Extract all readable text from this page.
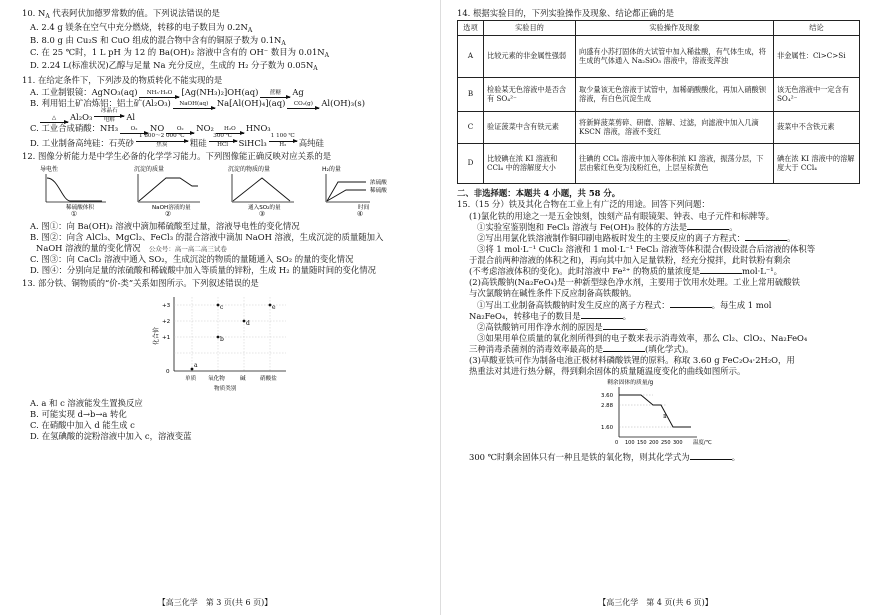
10. $N_A$ 代表阿伏加德罗常数的值。下列说法错误的是
A. 2.4 g 镁条在空气中充分燃烧，转移的电子数目为 $0.2N_A$
B. 8.0 g 由 Cu₂S 和 CuO 组成的混合物中含有的铜原子数为 $0.1N_A$
C. 在 25 ℃时，1 L pH 为 12 的 Ba(OH)₂ 溶液中含有的 OH⁻ 数目为 $0.01N_A$
D. 2.24 L(标准状况)乙醇与足量 Na 充分反应，生成的 H₂ 分子数为 $0.05N_A$
11. 在给定条件下，下列涉及的物质转化不能实现的是
A. 工业制银镜：AgNO₃(aq) NH₃·H₂O [Ag(NH₃)₂]OH(aq) 蔗糖 Ag
B. 利用铝土矿冶炼铝：铝土矿(Al₂O₃) NaOH(aq) Na[Al(OH)₄](aq) CO₂(g) Al(OH)₃(s)
△ Al₂O₃
冰晶石
电解 Al
C. 工业合成硝酸：NH₃ O₂ NO O₂ NO₂ H₂O HNO₃
D. 工业制备高纯硅：石英砂
1 800～2 000 ℃
焦炭	粗硅
300 ℃
HCl SiHCl₃
1 100 ℃
H₂ 高纯硅
12. 图像分析能力是中学生必备的化学学习能力。下列图像能正确反映对应关系的是
导电性
稀硫酸体积
①
沉淀的质量
NaOH溶液的量
②
沉淀的物质的量
通入SO₂的量
③
H₂的量
浓硫酸
稀硫酸
时间
④
A. 图①：向 Ba(OH)₂ 溶液中滴加稀硫酸至过量，溶液导电性的变化情况
B. 图②：向含 AlCl₃、MgCl₂、FeCl₃ 的混合溶液中滴加 NaOH 溶液，生成沉淀的质量随加入
NaOH 溶液的量的变化情况　 公众号：高一高二高三试卷
C. 图③：向 CaCl₂ 溶液中通入 SO₂，生成沉淀的物质的量随通入 SO₂ 的量的变化情况
D. 图④：分别向足量的浓硫酸和稀硫酸中加入等质量的锌粉，生成 H₂ 的量随时间的变化情况
13. 部分铁、铜物质的“价-类”关系如图所示。下列叙述错误的是
化合价
+3
+2
+1
0
a
b
c
d
e
单质 氧化物	碱	硝酸盐
物质类别
A. a 和 c 溶液能发生置换反应
B. 可能实现 d→b→a 转化
C. 在硝酸中加入 d 能生成 c
D. 在氢碘酸的淀粉溶液中加入 c，溶液变蓝
【高三化学　第 3 页(共 6 页)】
14. 根据实验目的，下列实验操作及现象、结论都正确的是
选项	实验目的	实验操作及现象	结论
A	比较元素的非金属性强弱	向盛有小苏打固体的大试管中加入稀盐酸，有气体生成，将生成的气体通入 Na₂SiO₃ 溶液中，溶液变浑浊	非金属性：Cl>C>Si
B	检验某无色溶液中是否含有 SO₄²⁻	取少量该无色溶液于试管中，加稀硝酸酸化，再加入硝酸钡溶液，有白色沉淀生成	该无色溶液中一定含有 SO₄²⁻
C	验证菠菜中含有铁元素	将新鲜菠菜剪碎、研磨、溶解、过滤，向滤液中加入几滴 KSCN 溶液，溶液不变红	菠菜中不含铁元素
D	比较碘在浓 KI 溶液和 CCl₄ 中的溶解度大小	往碘的 CCl₄ 溶液中加入等体积浓 KI 溶液，振荡分层，下层由紫红色变为浅粉红色，上层呈棕黄色	碘在浓 KI 溶液中的溶解度大于 CCl₄
二、非选择题：本题共 4 小题，共 58 分。
15.（15 分）铁及其化合物在工业上有广泛的用途。回答下列问题：
(1)氯化铁的用途之一是五金蚀刻，蚀刻产品有眼镜架、钟表、电子元件和标牌等。
①实验室鉴别饱和 FeCl₃ 溶液与 Fe(OH)₃ 胶体的方法是	。
②写出用氯化铁溶液制作铜印刷电路板时发生的主要反应的离子方程式：	。
③将 1 mol·L⁻¹ CuCl₂ 溶液和 1 mol·L⁻¹ FeCl₃ 溶液等体积混合(假设混合后溶液的体积等
于混合前两种溶液的体积之和)，再向其中加入足量铁粉，经充分搅拌，此时铁粉有剩余
(不考虑溶液体积的变化)。此时溶液中 Fe²⁺ 的物质的量浓度是	mol·L⁻¹。
(2)高铁酸钠(Na₂FeO₄)是一种新型绿色净水剂，主要用于饮用水处理。工业上常用硫酸铁
与次氯酸钠在碱性条件下反应制备高铁酸钠。
①写出工业制备高铁酸钠时发生反应的离子方程式：	。每生成 1 mol
Na₂FeO₄，转移电子的数目是	。
②高铁酸钠可用作净水剂的原因是	。
③如果用单位质量的氧化剂所得到的电子数来表示消毒效率，那么 Cl₂、ClO₂、Na₂FeO₄
三种消毒杀菌剂的消毒效率最高的是	(填化学式)。
(3)草酸亚铁可作为制备电池正极材料磷酸铁锂的原料。称取 3.60 g FeC₂O₄·2H₂O，用
热重法对其进行热分解，得到剩余固体的质量随温度变化的曲线如图所示。
剩余固体的质量/g
3.60
2.88
1.60
Ⅱ
0 100 150 200 250 300 温度/℃
300 ℃时剩余固体只有一种且是铁的氧化物，则其化学式为	。
【高三化学　第 4 页(共 6 页)】
